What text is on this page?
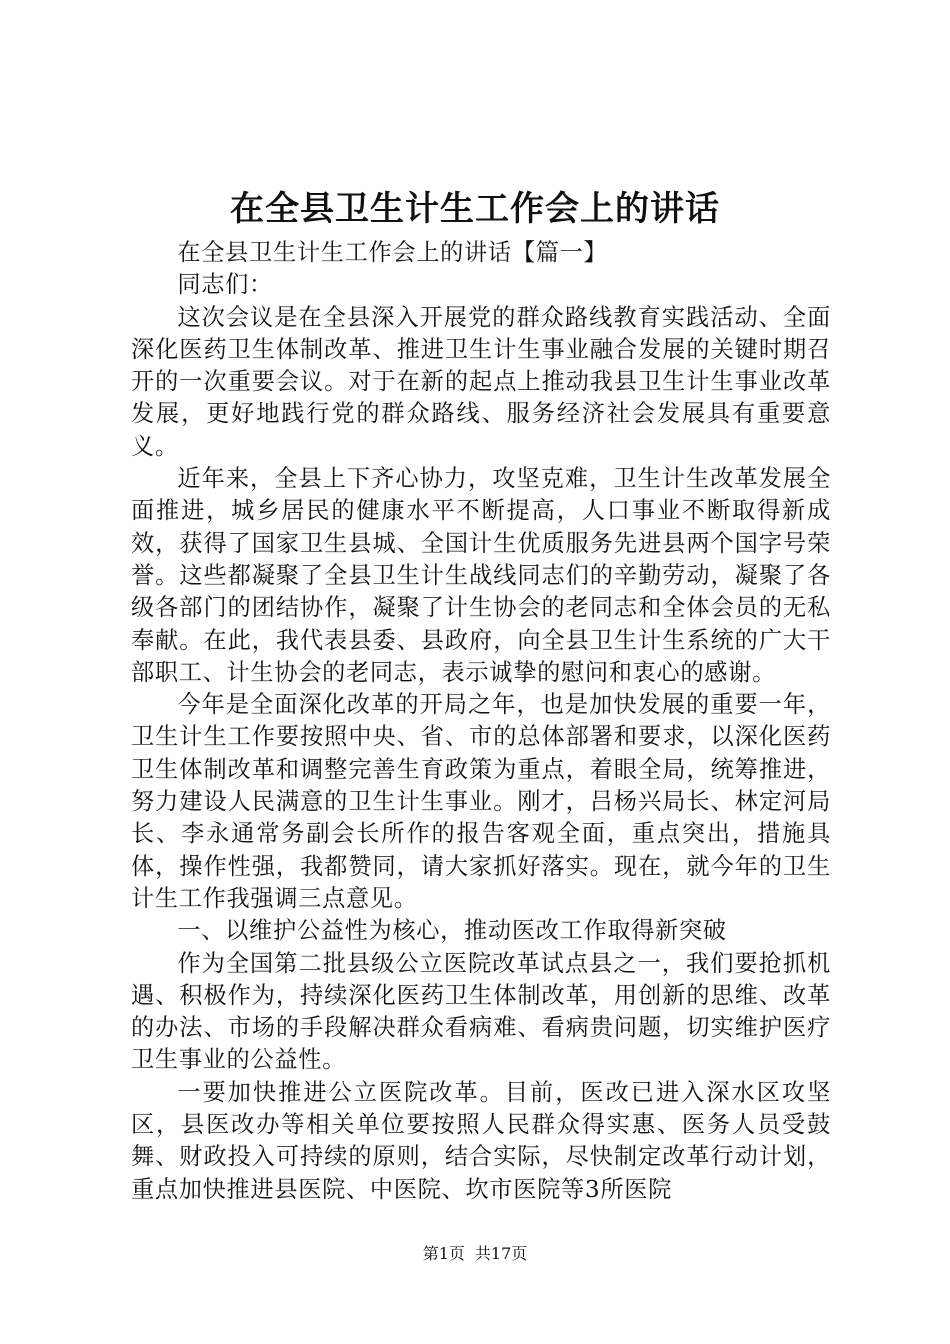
在全县卫生计生工作会上的讲话

在全县卫生计生工作会上的讲话【篇一】

同志们：

这次会议是在全县深入开展党的群众路线教育实践活动、全面深化医药卫生体制改革、推进卫生计生事业融合发展的关键时期召开的一次重要会议。对于在新的起点上推动我县卫生计生事业改革发展，更好地践行党的群众路线、服务经济社会发展具有重要意义。

近年来，全县上下齐心协力，攻坚克难，卫生计生改革发展全面推进，城乡居民的健康水平不断提高，人口事业不断取得新成效，获得了国家卫生县城、全国计生优质服务先进县两个国字号荣誉。这些都凝聚了全县卫生计生战线同志们的辛勤劳动，凝聚了各级各部门的团结协作，凝聚了计生协会的老同志和全体会员的无私奉献。在此，我代表县委、县政府，向全县卫生计生系统的广大干部职工、计生协会的老同志，表示诚挚的慰问和衷心的感谢。

今年是全面深化改革的开局之年，也是加快发展的重要一年，卫生计生工作要按照中央、省、市的总体部署和要求，以深化医药卫生体制改革和调整完善生育政策为重点，着眼全局，统筹推进，努力建设人民满意的卫生计生事业。刚才，吕杨兴局长、林定河局长、李永通常务副会长所作的报告客观全面，重点突出，措施具体，操作性强，我都赞同，请大家抓好落实。现在，就今年的卫生计生工作我强调三点意见。

一、以维护公益性为核心，推动医改工作取得新突破

作为全国第二批县级公立医院改革试点县之一，我们要抢抓机遇、积极作为，持续深化医药卫生体制改革，用创新的思维、改革的办法、市场的手段解决群众看病难、看病贵问题，切实维护医疗卫生事业的公益性。

一要加快推进公立医院改革。目前，医改已进入深水区攻坚区，县医改办等相关单位要按照人民群众得实惠、医务人员受鼓舞、财政投入可持续的原则，结合实际，尽快制定改革行动计划，重点加快推进县医院、中医院、坎市医院等3所医院

第1页 共17页
